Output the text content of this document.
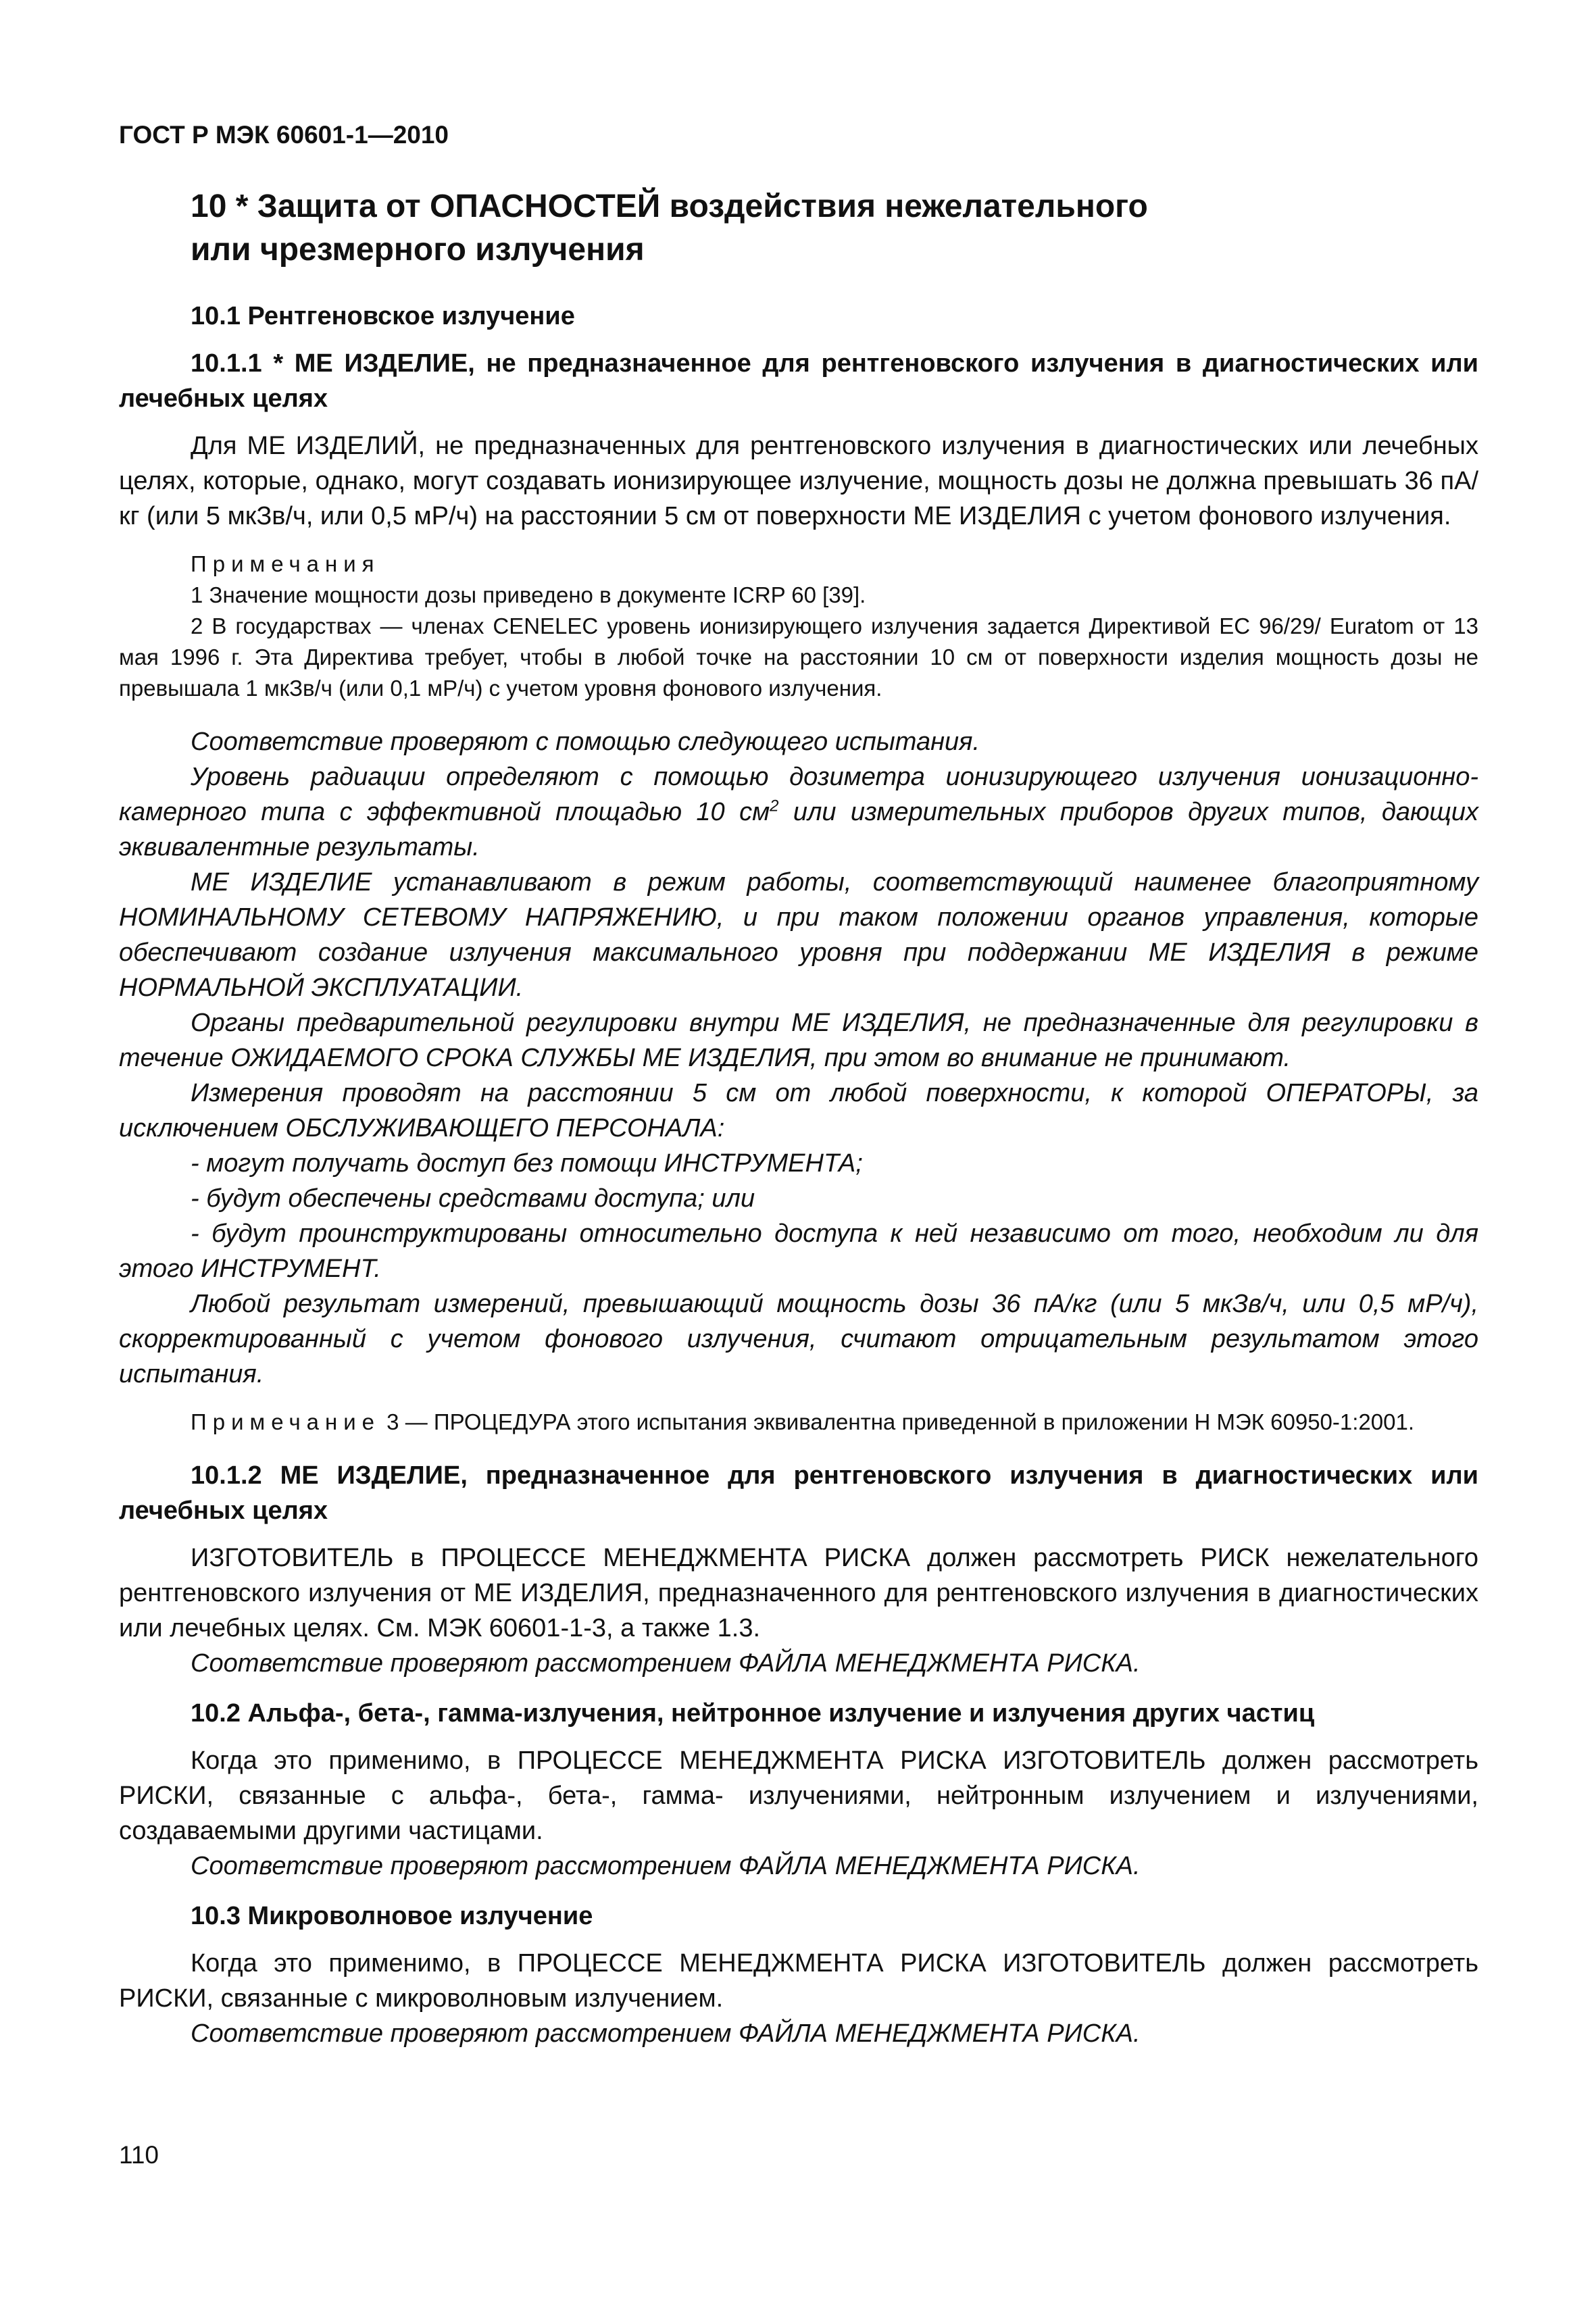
ГОСТ Р МЭК 60601-1—2010
10 * Защита от ОПАСНОСТЕЙ воздействия нежелательного
или чрезмерного излучения
10.1 Рентгеновское излучение
10.1.1 * МЕ ИЗДЕЛИЕ, не предназначенное для рентгеновского излучения в диагностических или лечебных целях

Для МЕ ИЗДЕЛИЙ, не предназначенных для рентгеновского излучения в диагностических или лечебных целях, которые, однако, могут создавать ионизирующее излучение, мощность дозы не должна превышать 36 пА/кг (или 5 мкЗв/ч, или 0,5 мР/ч) на расстоянии 5 см от поверхности МЕ ИЗДЕЛИЯ с учетом фонового излучения.

Примечания

1 Значение мощности дозы приведено в документе ICRP 60 [39].

2 В государствах — членах CENELEC уровень ионизирующего излучения задается Директивой ЕС 96/29/ Euratom от 13 мая 1996 г. Эта Директива требует, чтобы в любой точке на расстоянии 10 см от поверхности изделия мощность дозы не превышала 1 мкЗв/ч (или 0,1 мР/ч) с учетом уровня фонового излучения.

Соответствие проверяют с помощью следующего испытания.

Уровень радиации определяют с помощью дозиметра ионизирующего излучения ионизационно-камерного типа с эффективной площадью 10 $см^2$ или измерительных приборов других типов, дающих эквивалентные результаты.

МЕ ИЗДЕЛИЕ устанавливают в режим работы, соответствующий наименее благоприятному НОМИНАЛЬНОМУ СЕТЕВОМУ НАПРЯЖЕНИЮ, и при таком положении органов управления, которые обеспечивают создание излучения максимального уровня при поддержании МЕ ИЗДЕЛИЯ в режиме НОРМАЛЬНОЙ ЭКСПЛУАТАЦИИ.

Органы предварительной регулировки внутри МЕ ИЗДЕЛИЯ, не предназначенные для регулировки в течение ОЖИДАЕМОГО СРОКА СЛУЖБЫ МЕ ИЗДЕЛИЯ, при этом во внимание не принимают.

Измерения проводят на расстоянии 5 см от любой поверхности, к которой ОПЕРАТОРЫ, за исключением ОБСЛУЖИВАЮЩЕГО ПЕРСОНАЛА:

- могут получать доступ без помощи ИНСТРУМЕНТА;

- будут обеспечены средствами доступа; или

- будут проинструктированы относительно доступа к ней независимо от того, необходим ли для этого ИНСТРУМЕНТ.

Любой результат измерений, превышающий мощность дозы 36 пА/кг (или 5 мкЗв/ч, или 0,5 мР/ч), скорректированный с учетом фонового излучения, считают отрицательным результатом этого испытания.

Примечание 3 — ПРОЦЕДУРА этого испытания эквивалентна приведенной в приложении Н МЭК 60950-1:2001.

10.1.2 МЕ ИЗДЕЛИЕ, предназначенное для рентгеновского излучения в диагностических или лечебных целях

ИЗГОТОВИТЕЛЬ в ПРОЦЕССЕ МЕНЕДЖМЕНТА РИСКА должен рассмотреть РИСК нежелательного рентгеновского излучения от МЕ ИЗДЕЛИЯ, предназначенного для рентгеновского излучения в диагностических или лечебных целях. См. МЭК 60601-1-3, а также 1.3.

Соответствие проверяют рассмотрением ФАЙЛА МЕНЕДЖМЕНТА РИСКА.

10.2 Альфа-, бета-, гамма-излучения, нейтронное излучение и излучения других частиц

Когда это применимо, в ПРОЦЕССЕ МЕНЕДЖМЕНТА РИСКА ИЗГОТОВИТЕЛЬ должен рассмотреть РИСКИ, связанные с альфа-, бета-, гамма- излучениями, нейтронным излучением и излучениями, создаваемыми другими частицами.

Соответствие проверяют рассмотрением ФАЙЛА МЕНЕДЖМЕНТА РИСКА.

10.3 Микроволновое излучение

Когда это применимо, в ПРОЦЕССЕ МЕНЕДЖМЕНТА РИСКА ИЗГОТОВИТЕЛЬ должен рассмотреть РИСКИ, связанные с микроволновым излучением.

Соответствие проверяют рассмотрением ФАЙЛА МЕНЕДЖМЕНТА РИСКА.

110
